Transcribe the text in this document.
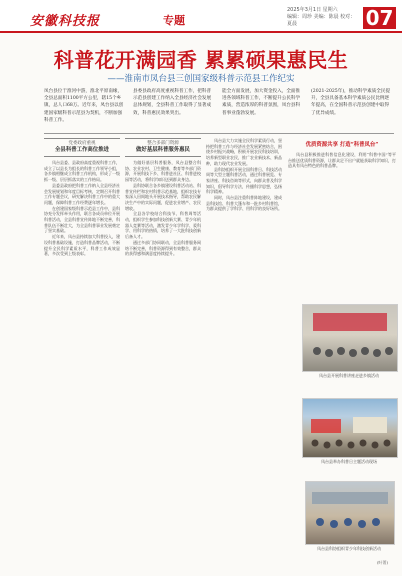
安徽科技报	专题
2025年3月1日 星期六
编辑：周珍 美编：陈晨 校对：夏晨	07
科普花开满园香 累累硕果惠民生
——淮南市凤台县三创国家级科普示范县工作纪实
凤台县位于淮河中游，淮北平原南缘，全县总面积1100平方公里，辖15个乡镇，总人口68万。近年来，凤台县以创建国家级科普示范县为契机，不断加强科普工作。
县委县政府高度重视科普工作，把科普示范县创建工作纳入全县经济社会发展总体规划，全县科普工作取得了显著成效，科普惠民效果突出。
能全方面发展，加大资金投入，全面推进各领域科普工作，不断提升公民科学素质，营造浓厚的科普氛围，凤台县科普事业蓬勃发展。
(2021-2025年)，推动科学素质全民提升，全县具备基本科学素质公民比例逐年提高，在全国科普示范县创建中取得了优异成绩。
党委政府重视
全县科普工作高位推进

凤台县委、县政府高度重视科普工作，成立了以县长为组长的科普工作领导小组，各乡镇相继成立科普工作机构，形成了一级抓一级、层层抓落实的工作格局。

县委县政府把科普工作纳入全县经济社会发展规划和年度目标考核，定期召开科普工作专题会议，研究解决科普工作中的重大问题，保障科普工作经费逐年增长。

在创建国家级科普示范县工作中，县科协充分发挥牵头作用，联合各成员单位开展科普活动，全县科普宣传阵地不断完善，科普队伍不断壮大，为全县科普事业发展奠定了坚实基础。

近年来，凤台县持续加大科普投入，建设科普基础设施，打造科普品牌活动，不断提升全民科学素质水平，科普工作成效显著，多次受到上级表彰。

整合多部门资源
做好基层科普服务惠民

为做好基层科普服务，凤台县整合科协、农业农村、卫生健康、教育等多部门资源，开展科技下乡、科普进社区、科普进校园等活动，将科学知识送到群众身边。

县科协联合各乡镇建设科普活动站、科普宣传栏和农村科普示范基地，组织农技专家深入田间地头开展技术指导，帮助农民解决生产中的实际问题，促进农业增产、农民增收。

全县各学校结合科技节、科普周等活动，组织学生参加科技创新大赛、青少年机器人竞赛等活动，激发青少年学科学、爱科学、用科学的热情，培养了一大批科技创新后备人才。

通过多部门协同联动，全县科普服务网络不断完善，科普资源得到有效整合，群众的获得感和满意度持续提升。

凤台县大力实施全民科学素质行动，坚持把科普工作与经济社会发展紧密结合，围绕乡村振兴战略，积极开展农民科技培训，培养新型职业农民，推广农业新技术、新品种，助力现代农业发展。

县科协组织开展全国科普日、科技活动周等大型主题科普活动，通过科普展览、专家讲座、科技咨询等形式，向群众普及科学知识，倡导科学方法，传播科学思想，弘扬科学精神。

同时，凤台县注重科普阵地建设，建成县科技馆、科普大篷车和一批乡村科普馆，为群众提供了学科学、用科学的良好场所。

优质资源共享 打造“科普凤台”

凤台县积极推进科普信息化建设，利用“科普中国”等平台推送优质科普资源，让群众足不出户就能获取科学知识，打造具有凤台特色的科普品牌。

凤台县开展科普讲座走进乡镇活动
凤台县举办科普日主题活动现场
凤台县科协组织青少年科技创新活动
(叶菁)
